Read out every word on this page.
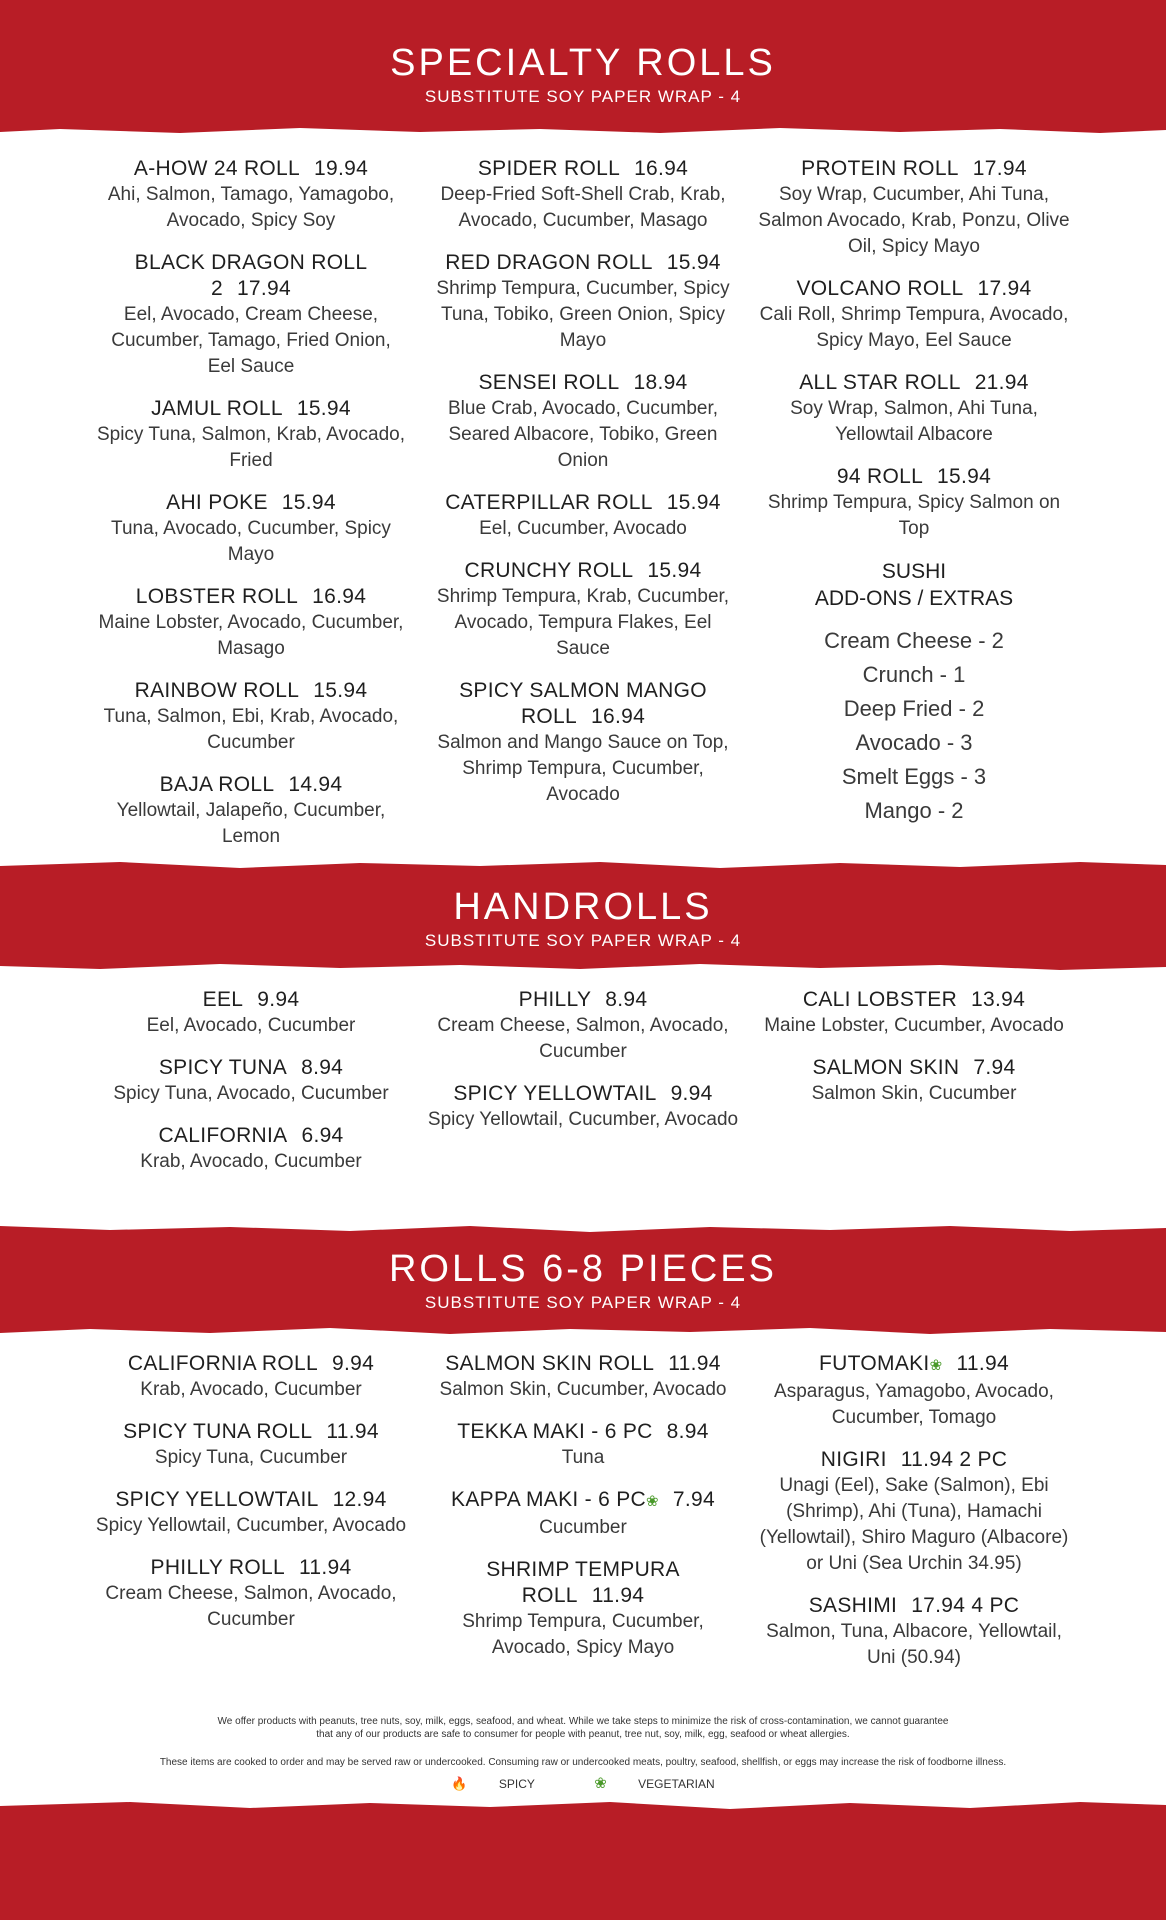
SPECIALTY ROLLS
SUBSTITUTE SOY PAPER WRAP - 4
A-HOW 24 ROLL 19.94
Ahi, Salmon, Tamago, Yamagobo, Avocado, Spicy Soy
BLACK DRAGON ROLL 2 17.94
Eel, Avocado, Cream Cheese, Cucumber, Tamago, Fried Onion, Eel Sauce
JAMUL ROLL 15.94
Spicy Tuna, Salmon, Krab, Avocado, Fried
AHI POKE 15.94
Tuna, Avocado, Cucumber, Spicy Mayo
LOBSTER ROLL 16.94
Maine Lobster, Avocado, Cucumber, Masago
RAINBOW ROLL 15.94
Tuna, Salmon, Ebi, Krab, Avocado, Cucumber
BAJA ROLL 14.94
Yellowtail, Jalapeño, Cucumber, Lemon
SPIDER ROLL 16.94
Deep-Fried Soft-Shell Crab, Krab, Avocado, Cucumber, Masago
RED DRAGON ROLL 15.94
Shrimp Tempura, Cucumber, Spicy Tuna, Tobiko, Green Onion, Spicy Mayo
SENSEI ROLL 18.94
Blue Crab, Avocado, Cucumber, Seared Albacore, Tobiko, Green Onion
CATERPILLAR ROLL 15.94
Eel, Cucumber, Avocado
CRUNCHY ROLL 15.94
Shrimp Tempura, Krab, Cucumber, Avocado, Tempura Flakes, Eel Sauce
SPICY SALMON MANGO ROLL 16.94
Salmon and Mango Sauce on Top, Shrimp Tempura, Cucumber, Avocado
PROTEIN ROLL 17.94
Soy Wrap, Cucumber, Ahi Tuna, Salmon Avocado, Krab, Ponzu, Olive Oil, Spicy Mayo
VOLCANO ROLL 17.94
Cali Roll, Shrimp Tempura, Avocado, Spicy Mayo, Eel Sauce
ALL STAR ROLL 21.94
Soy Wrap, Salmon, Ahi Tuna, Yellowtail Albacore
94 ROLL 15.94
Shrimp Tempura, Spicy Salmon on Top
SUSHI
ADD-ONS / EXTRAS
Cream Cheese - 2
Crunch - 1
Deep Fried - 2
Avocado - 3
Smelt Eggs - 3
Mango - 2
HANDROLLS
SUBSTITUTE SOY PAPER WRAP - 4
EEL 9.94
Eel, Avocado, Cucumber
SPICY TUNA 8.94
Spicy Tuna, Avocado, Cucumber
CALIFORNIA 6.94
Krab, Avocado, Cucumber
PHILLY 8.94
Cream Cheese, Salmon, Avocado, Cucumber
SPICY YELLOWTAIL 9.94
Spicy Yellowtail, Cucumber, Avocado
CALI LOBSTER 13.94
Maine Lobster, Cucumber, Avocado
SALMON SKIN 7.94
Salmon Skin, Cucumber
ROLLS 6-8 PIECES
SUBSTITUTE SOY PAPER WRAP - 4
CALIFORNIA ROLL 9.94
Krab, Avocado, Cucumber
SPICY TUNA ROLL 11.94
Spicy Tuna, Cucumber
SPICY YELLOWTAIL 12.94
Spicy Yellowtail, Cucumber, Avocado
PHILLY ROLL 11.94
Cream Cheese, Salmon, Avocado, Cucumber
SALMON SKIN ROLL 11.94
Salmon Skin, Cucumber, Avocado
TEKKA MAKI - 6 PC 8.94
Tuna
KAPPA MAKI - 6 PC❀ 7.94
Cucumber
SHRIMP TEMPURA ROLL 11.94
Shrimp Tempura, Cucumber, Avocado, Spicy Mayo
FUTOMAKI❀ 11.94
Asparagus, Yamagobo, Avocado, Cucumber, Tomago
NIGIRI 11.94 2 PC
Unagi (Eel), Sake (Salmon), Ebi (Shrimp), Ahi (Tuna), Hamachi (Yellowtail), Shiro Maguro (Albacore) or Uni (Sea Urchin 34.95)
SASHIMI 17.94 4 PC
Salmon, Tuna, Albacore, Yellowtail, Uni (50.94)
We offer products with peanuts, tree nuts, soy, milk, eggs, seafood, and wheat. While we take steps to minimize the risk of cross-contamination, we cannot guarantee
that any of our products are safe to consumer for people with peanut, tree nut, soy, milk, egg, seafood or wheat allergies.
These items are cooked to order and may be served raw or undercooked. Consuming raw or undercooked meats, poultry, seafood, shellfish, or eggs may increase the risk of foodborne illness.
🔥	SPICY	❀	VEGETARIAN
